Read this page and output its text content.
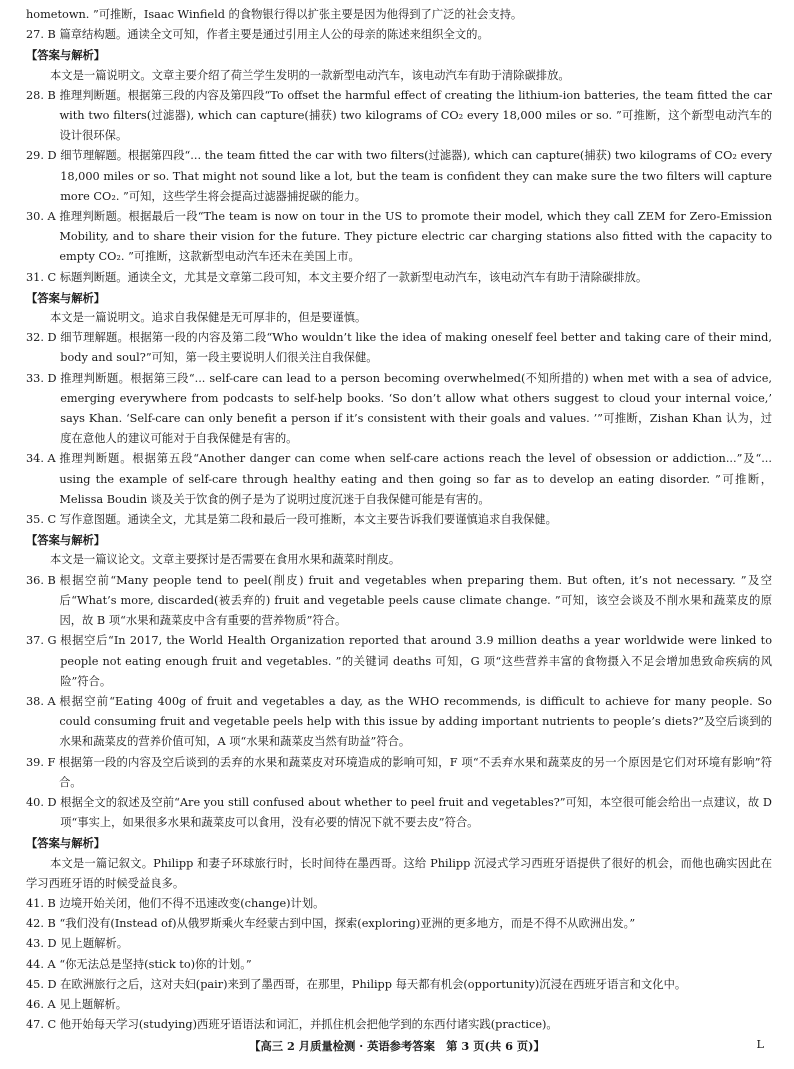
hometown. ”可推断，Isaac Winfield 的食物银行得以扩张主要是因为他得到了广泛的社会支持。
27. B 篇章结构题。通读全文可知，作者主要是通过引用主人公的母亲的陈述来组织全文的。
【答案与解析】
本文是一篇说明文。文章主要介绍了荷兰学生发明的一款新型电动汽车，该电动汽车有助于清除碳排放。
28. B 推理判断题。根据第三段的内容及第四段“To offset the harmful effect of creating the lithium-ion batteries, the team fitted the car with two filters(过滤器), which can capture(捕获) two kilograms of CO₂ every 18,000 miles or so. ”可推断，这个新型电动汽车的设计很环保。
29. D 细节理解题。根据第四段“... the team fitted the car with two filters(过滤器), which can capture(捕获) two kilograms of CO₂ every 18,000 miles or so. That might not sound like a lot, but the team is confident they can make sure the two filters will capture more CO₂. ”可知，这些学生将会提高过滤器捕捉碳的能力。
30. A 推理判断题。根据最后一段“The team is now on tour in the US to promote their model, which they call ZEM for Zero-Emission Mobility, and to share their vision for the future. They picture electric car charging stations also fitted with the capacity to empty CO₂. ”可推断，这款新型电动汽车还未在美国上市。
31. C 标题判断题。通读全文，尤其是文章第二段可知，本文主要介绍了一款新型电动汽车，该电动汽车有助于清除碳排放。
【答案与解析】
本文是一篇说明文。追求自我保健是无可厚非的，但是要谨慎。
32. D 细节理解题。根据第一段的内容及第二段“Who wouldn’t like the idea of making oneself feel better and taking care of their mind, body and soul?”可知，第一段主要说明人们很关注自我保健。
33. D 推理判断题。根据第三段“... self-care can lead to a person becoming overwhelmed(不知所措的) when met with a sea of advice, emerging everywhere from podcasts to self-help books. ‘So don’t allow what others suggest to cloud your internal voice,’ says Khan. ‘Self-care can only benefit a person if it’s consistent with their goals and values. ’”可推断，Zishan Khan 认为，过度在意他人的建议可能对于自我保健是有害的。
34. A 推理判断题。根据第五段“Another danger can come when self-care actions reach the level of obsession or addiction...”及“... using the example of self-care through healthy eating and then going so far as to develop an eating disorder. ”可推断，Melissa Boudin 谈及关于饮食的例子是为了说明过度沉迷于自我保健可能是有害的。
35. C 写作意图题。通读全文，尤其是第二段和最后一段可推断，本文主要告诉我们要谨慎追求自我保健。
【答案与解析】
本文是一篇议论文。文章主要探讨是否需要在食用水果和蔬菜时削皮。
36. B 根据空前“Many people tend to peel(削皮) fruit and vegetables when preparing them. But often, it’s not necessary. ”及空后“What’s more, discarded(被丢弃的) fruit and vegetable peels cause climate change. ”可知，该空会谈及不削水果和蔬菜皮的原因，故 B 项“水果和蔬菜皮中含有重要的营养物质”符合。
37. G 根据空后“In 2017, the World Health Organization reported that around 3.9 million deaths a year worldwide were linked to people not eating enough fruit and vegetables. ”的关键词 deaths 可知，G 项“这些营养丰富的食物摄入不足会增加患致命疾病的风险”符合。
38. A 根据空前“Eating 400g of fruit and vegetables a day, as the WHO recommends, is difficult to achieve for many people. So could consuming fruit and vegetable peels help with this issue by adding important nutrients to people’s diets?”及空后谈到的水果和蔬菜皮的营养价值可知，A 项“水果和蔬菜皮当然有助益”符合。
39. F 根据第一段的内容及空后谈到的丢弃的水果和蔬菜皮对环境造成的影响可知，F 项“不丢弃水果和蔬菜皮的另一个原因是它们对环境有影响”符合。
40. D 根据全文的叙述及空前“Are you still confused about whether to peel fruit and vegetables?”可知，本空很可能会给出一点建议，故 D 项“事实上，如果很多水果和蔬菜皮可以食用，没有必要的情况下就不要去皮”符合。
【答案与解析】
本文是一篇记叙文。Philipp 和妻子环球旅行时，长时间待在墨西哥。这给 Philipp 沉浸式学习西班牙语提供了很好的机会，而他也确实因此在学习西班牙语的时候受益良多。
41. B 边境开始关闭，他们不得不迅速改变(change)计划。
42. B “我们没有(Instead of)从俄罗斯乘火车经蒙古到中国，探索(exploring)亚洲的更多地方，而是不得不从欧洲出发。”
43. D 见上题解析。
44. A “你无法总是坚持(stick to)你的计划。”
45. D 在欧洲旅行之后，这对夫妇(pair)来到了墨西哥，在那里，Philipp 每天都有机会(opportunity)沉浸在西班牙语言和文化中。
46. A 见上题解析。
47. C 他开始每天学习(studying)西班牙语语法和词汇，并抓住机会把他学到的东西付诸实践(practice)。
【高三 2 月质量检测 · 英语参考答案　第 3 页(共 6 页)】	L
